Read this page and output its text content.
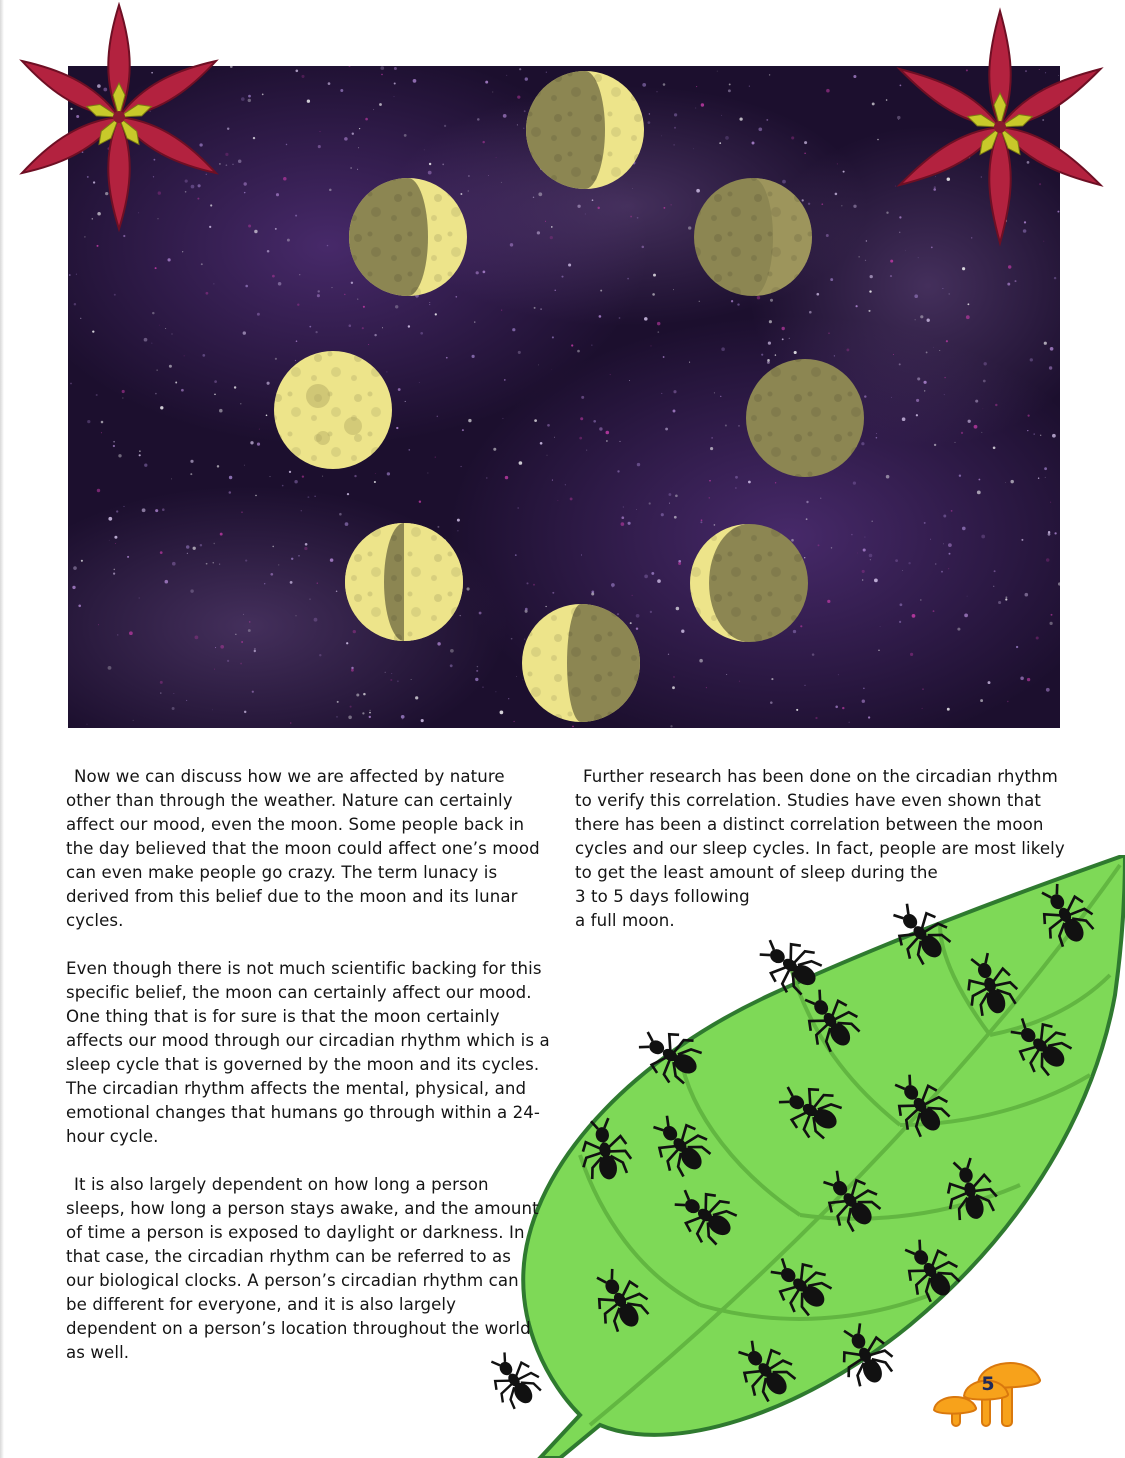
5

Now we can discuss how we are affected by nature other than through the weather. Nature can certainly affect our mood, even the moon. Some people back in the day believed that the moon could affect one’s mood can even make people go crazy. The term lunacy is derived from this belief due to the moon and its lunar cycles.

Even though there is not much scientific backing for this specific belief, the moon can certainly affect our mood. One thing that is for sure is that the moon certainly affects our mood through our circadian rhythm which is a sleep cycle that is governed by the moon and its cycles. The circadian rhythm affects the mental, physical, and emotional changes that humans go through within a 24-hour cycle.

It is also largely dependent on how long a person sleeps, how long a person stays awake, and the amount of time a person is exposed to daylight or darkness. In that case, the circadian rhythm can be referred to as our biological clocks. A person’s circadian rhythm can be different for everyone, and it is also largely dependent on a person’s location throughout the world as well.

Further research has been done on the circadian rhythm to verify this correlation. Studies have even shown that there has been a distinct correlation between the moon cycles and our sleep cycles. In fact, people are most likely to get the least amount of sleep during the
3 to 5 days following
a full moon.
